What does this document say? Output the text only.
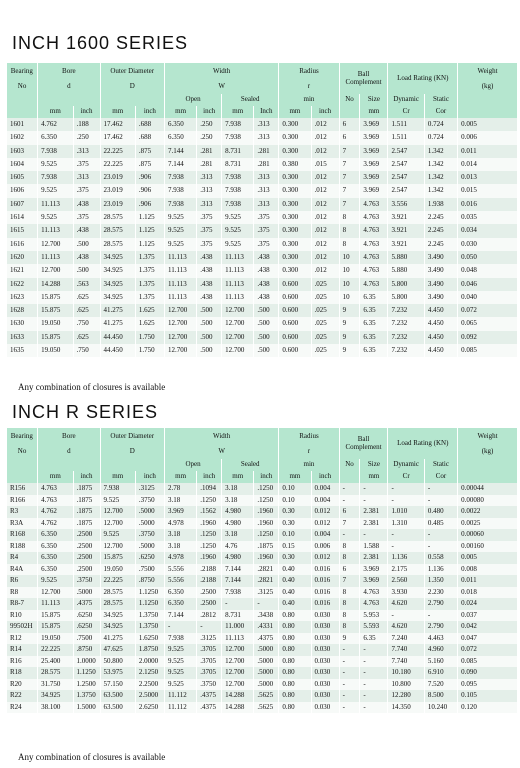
INCH 1600 SERIES
Bearing	Bore		Outer Diameter		Width				Radius		Ball Complement		Load Rating (KN)		Weight
No	d		D		W				r						(kg)
					Open		Sealed		min		No	Size	Dynamic	Static	
	mm	inch	mm	inch	mm	inch	mm	Inch	mm	inch		mm	Cr	Cor	
1601	4.762	.188	17.462	.688	6.350	.250	7.938	.313	0.300	.012	6	3.969	1.511	0.724	0.005
1602	6.350	.250	17.462	.688	6.350	.250	7.938	.313	0.300	.012	6	3.969	1.511	0.724	0.006
1603	7.938	.313	22.225	.875	7.144	.281	8.731	.281	0.300	.012	7	3.969	2.547	1.342	0.011
1604	9.525	.375	22.225	.875	7.144	.281	8.731	.281	0.380	.015	7	3.969	2.547	1.342	0.014
1605	7.938	.313	23.019	.906	7.938	.313	7.938	.313	0.300	.012	7	3.969	2.547	1.342	0.013
1606	9.525	.375	23.019	.906	7.938	.313	7.938	.313	0.300	.012	7	3.969	2.547	1.342	0.015
1607	11.113	.438	23.019	.906	7.938	.313	7.938	.313	0.300	.012	7	4.763	3.556	1.938	0.016
1614	9.525	.375	28.575	1.125	9.525	.375	9.525	.375	0.300	.012	8	4.763	3.921	2.245	0.035
1615	11.113	.438	28.575	1.125	9.525	.375	9.525	.375	0.300	.012	8	4.763	3.921	2.245	0.034
1616	12.700	.500	28.575	1.125	9.525	.375	9.525	.375	0.300	.012	8	4.763	3.921	2.245	0.030
1620	11.113	.438	34.925	1.375	11.113	.438	11.113	.438	0.300	.012	10	4.763	5.880	3.490	0.050
1621	12.700	.500	34.925	1.375	11.113	.438	11.113	.438	0.300	.012	10	4.763	5.880	3.490	0.048
1622	14.288	.563	34.925	1.375	11.113	.438	11.113	.438	0.600	.025	10	4.763	5.800	3.490	0.046
1623	15.875	.625	34.925	1.375	11.113	.438	11.113	.438	0.600	.025	10	6.35	5.800	3.490	0.040
1628	15.875	.625	41.275	1.625	12.700	.500	12.700	.500	0.600	.025	9	6.35	7.232	4.450	0.072
1630	19.050	.750	41.275	1.625	12.700	.500	12.700	.500	0.600	.025	9	6.35	7.232	4.450	0.065
1633	15.875	.625	44.450	1.750	12.700	.500	12.700	.500	0.600	.025	9	6.35	7.232	4.450	0.092
1635	19.050	.750	44.450	1.750	12.700	.500	12.700	.500	0.600	.025	9	6.35	7.232	4.450	0.085
Any combination of closures is available
INCH R SERIES
Bearing	Bore		Outer Diameter		Width				Radius		Ball Complement		Load Rating (KN)		Weight
No	d		D		W				r						(kg)
					Open		Sealed		min		No	Size	Dynamic	Static	
	mm	inch	mm	inch	mm	inch	mm	inch	mm	inch		mm	Cr	Cor	
R156	4.763	.1875	7.938	.3125	2.78	.1094	3.18	.1250	0.10	0.004	-	-	-	-	0.00044
R166	4.763	.1875	9.525	.3750	3.18	.1250	3.18	.1250	0.10	0.004	-	-	-	-	0.00080
R3	4.762	.1875	12.700	.5000	3.969	.1562	4.980	.1960	0.30	0.012	6	2.381	1.010	0.480	0.0022
R3A	4.762	.1875	12.700	.5000	4.978	.1960	4.980	.1960	0.30	0.012	7	2.381	1.310	0.485	0.0025
R168	6.350	.2500	9.525	.3750	3.18	.1250	3.18	.1250	0.10	0.004	-	-	-	-	0.00060
R188	6.350	.2500	12.700	.5000	3.18	.1250	4.76	.1875	0.15	0.006	8	1.588	-	-	0.00160
R4	6.350	.2500	15.875	.6250	4.978	.1960	4.980	.1960	0.30	0.012	8	2.381	1.136	0.558	0.005
R4A	6.350	.2500	19.050	.7500	5.556	.2188	7.144	.2821	0.40	0.016	6	3.969	2.175	1.136	0.008
R6	9.525	.3750	22.225	.8750	5.556	.2188	7.144	.2821	0.40	0.016	7	3.969	2.560	1.350	0.011
R8	12.700	.5000	28.575	1.1250	6.350	.2500	7.938	.3125	0.40	0.016	8	4.763	3.930	2.230	0.018
R8-7	11.113	.4375	28.575	1.1250	6.350	.2500	-	-	0.40	0.016	8	4.763	4.620	2.790	0.024
R10	15.875	.6250	34.925	1.3750	7.144	.2812	8.731	.3438	0.80	0.030	8	5.953	-	-	0.037
99502H	15.875	.6250	34.925	1.3750	-	-	11.000	.4331	0.80	0.030	8	5.593	4.620	2.790	0.042
R12	19.050	.7500	41.275	1.6250	7.938	.3125	11.113	.4375	0.80	0.030	9	6.35	7.240	4.463	0.047
R14	22.225	.8750	47.625	1.8750	9.525	.3705	12.700	.5000	0.80	0.030	-	-	7.740	4.960	0.072
R16	25.400	1.0000	50.800	2.0000	9.525	.3705	12.700	.5000	0.80	0.030	-	-	7.740	5.160	0.085
R18	28.575	1.1250	53.975	2.1250	9.525	.3705	12.700	.5000	0.80	0.030	-	-	10.180	6.910	0.090
R20	31.750	1.2500	57.150	2.2500	9.525	.3750	12.700	.5000	0.80	0.030	-	-	10.800	7.520	0.095
R22	34.925	1.3750	63.500	2.5000	11.112	.4375	14.288	.5625	0.80	0.030	-	-	12.280	8.500	0.105
R24	38.100	1.5000	63.500	2.6250	11.112	.4375	14.288	.5625	0.80	0.030	-	-	14.350	10.240	0.120
Any combination of closures is available
